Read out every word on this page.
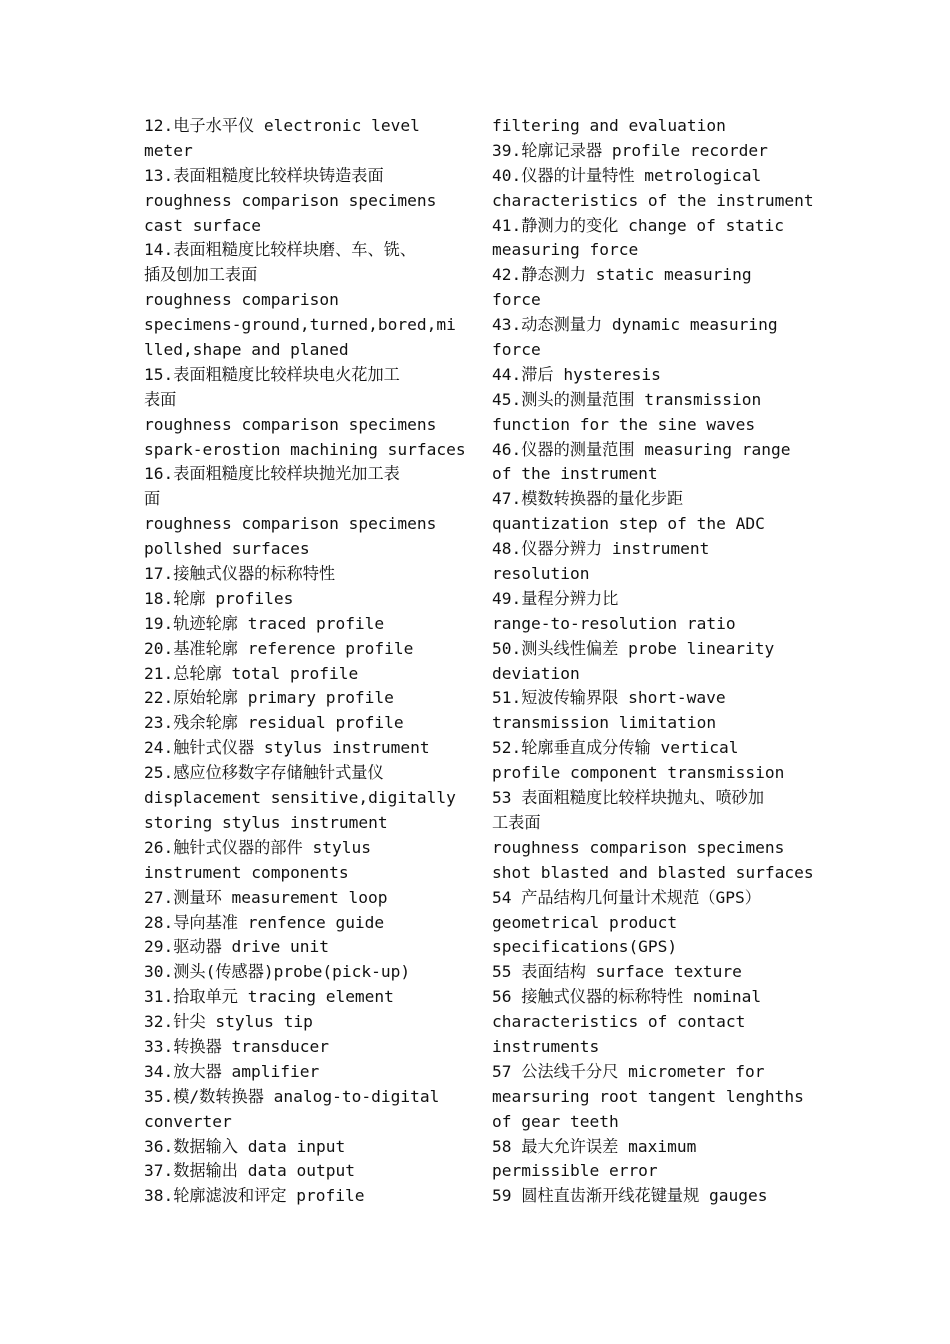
12.电子水平仪 electronic level
meter
13.表面粗糙度比较样块铸造表面
roughness comparison specimens
cast surface
14.表面粗糙度比较样块磨、车、铣、
插及刨加工表面
roughness comparison
specimens-ground,turned,bored,mi
lled,shape and planed
15.表面粗糙度比较样块电火花加工
表面
roughness comparison specimens
spark-erostion machining surfaces
16.表面粗糙度比较样块抛光加工表
面
roughness comparison specimens
pollshed surfaces
17.接触式仪器的标称特性
18.轮廓 profiles
19.轨迹轮廓 traced profile
20.基准轮廓 reference profile
21.总轮廓 total profile
22.原始轮廓 primary profile
23.残余轮廓 residual profile
24.触针式仪器 stylus instrument
25.感应位移数字存储触针式量仪
displacement sensitive,digitally
storing stylus instrument
26.触针式仪器的部件 stylus
instrument components
27.测量环 measurement loop
28.导向基准 renfence guide
29.驱动器 drive unit
30.测头(传感器)probe(pick-up)
31.拾取单元 tracing element
32.针尖 stylus tip
33.转换器 transducer
34.放大器 amplifier
35.模/数转换器 analog-to-digital
converter
36.数据输入 data input
37.数据输出 data output
38.轮廓滤波和评定 profile
filtering and evaluation
39.轮廓记录器 profile recorder
40.仪器的计量特性 metrological
characteristics of the instrument
41.静测力的变化 change of static
measuring force
42.静态测力 static measuring
force
43.动态测量力 dynamic measuring
force
44.滞后 hysteresis
45.测头的测量范围 transmission
function for the sine waves
46.仪器的测量范围 measuring range
of the instrument
47.模数转换器的量化步距
quantization step of the ADC
48.仪器分辨力 instrument
resolution
49.量程分辨力比
range-to-resolution ratio
50.测头线性偏差 probe linearity
deviation
51.短波传输界限 short-wave
transmission limitation
52.轮廓垂直成分传输 vertical
profile component transmission
53 表面粗糙度比较样块抛丸、喷砂加
工表面
roughness comparison specimens
shot blasted and blasted surfaces
54 产品结构几何量计术规范（GPS）
geometrical product
specifications(GPS)
55 表面结构 surface texture
56 接触式仪器的标称特性 nominal
characteristics of contact
instruments
57 公法线千分尺 micrometer for
mearsuring root tangent lenghths
of gear teeth
58 最大允许误差 maximum
permissible error
59 圆柱直齿渐开线花键量规 gauges
